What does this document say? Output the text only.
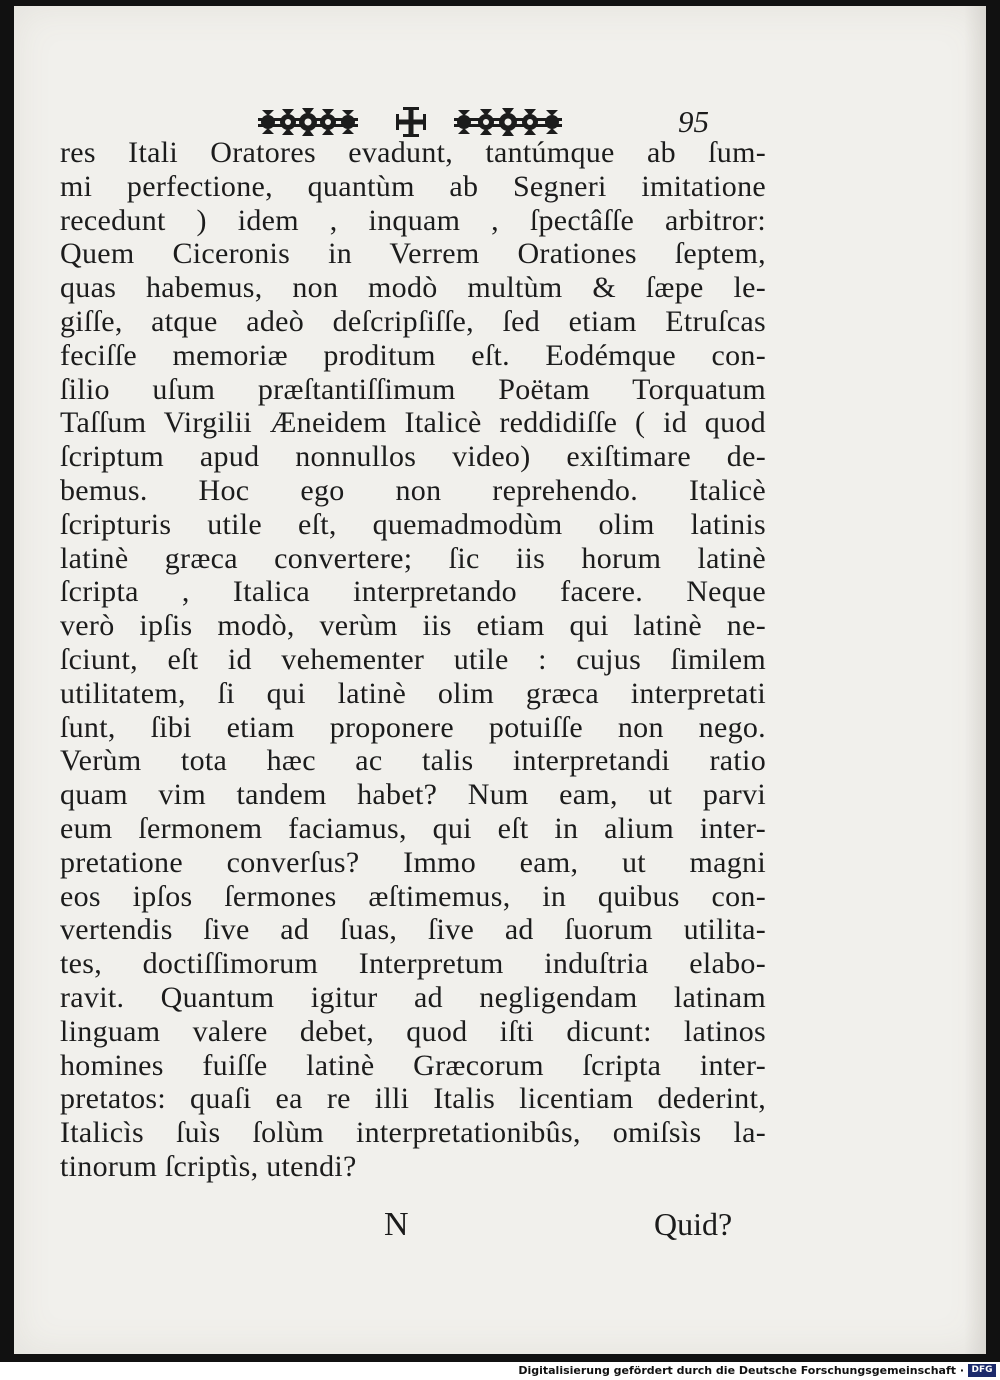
95
res Itali Oratores evadunt, tantúmque ab ſum-
mi perfectione, quantùm ab Segneri imitatione
recedunt ) idem , inquam , ſpectâſſe arbitror:
Quem Ciceronis in Verrem Orationes ſeptem,
quas habemus, non modò multùm & ſæpe le-
giſſe, atque adeò deſcripſiſſe, ſed etiam Etruſcas
feciſſe memoriæ proditum eſt. Eodémque con-
ſilio uſum præſtantiſſimum Poëtam Torquatum
Taſſum Virgilii Æneidem Italicè reddidiſſe ( id quod
ſcriptum apud nonnullos video) exiſtimare de-
bemus. Hoc ego non reprehendo. Italicè
ſcripturis utile eſt, quemadmodùm olim latinis
latinè græca convertere; ſic iis horum latinè
ſcripta , Italica interpretando facere. Neque
verò ipſis modò, verùm iis etiam qui latinè ne-
ſciunt, eſt id vehementer utile : cujus ſimilem
utilitatem, ſi qui latinè olim græca interpretati
ſunt, ſibi etiam proponere potuiſſe non nego.
Verùm tota hæc ac talis interpretandi ratio
quam vim tandem habet? Num eam, ut parvi
eum ſermonem faciamus, qui eſt in alium inter-
pretatione converſus? Immo eam, ut magni
eos ipſos ſermones æſtimemus, in quibus con-
vertendis ſive ad ſuas, ſive ad ſuorum utilita-
tes, doctiſſimorum Interpretum induſtria elabo-
ravit. Quantum igitur ad negligendam latinam
linguam valere debet, quod iſti dicunt: latinos
homines fuiſſe latinè Græcorum ſcripta inter-
pretatos: quaſi ea re illi Italis licentiam dederint,
Italicìs ſuìs ſolùm interpretationibûs, omiſsìs la-
tinorum ſcriptìs, utendi?
N	Quid?
Digitalisierung gefördert durch die Deutsche Forschungsgemeinschaft · DFG
